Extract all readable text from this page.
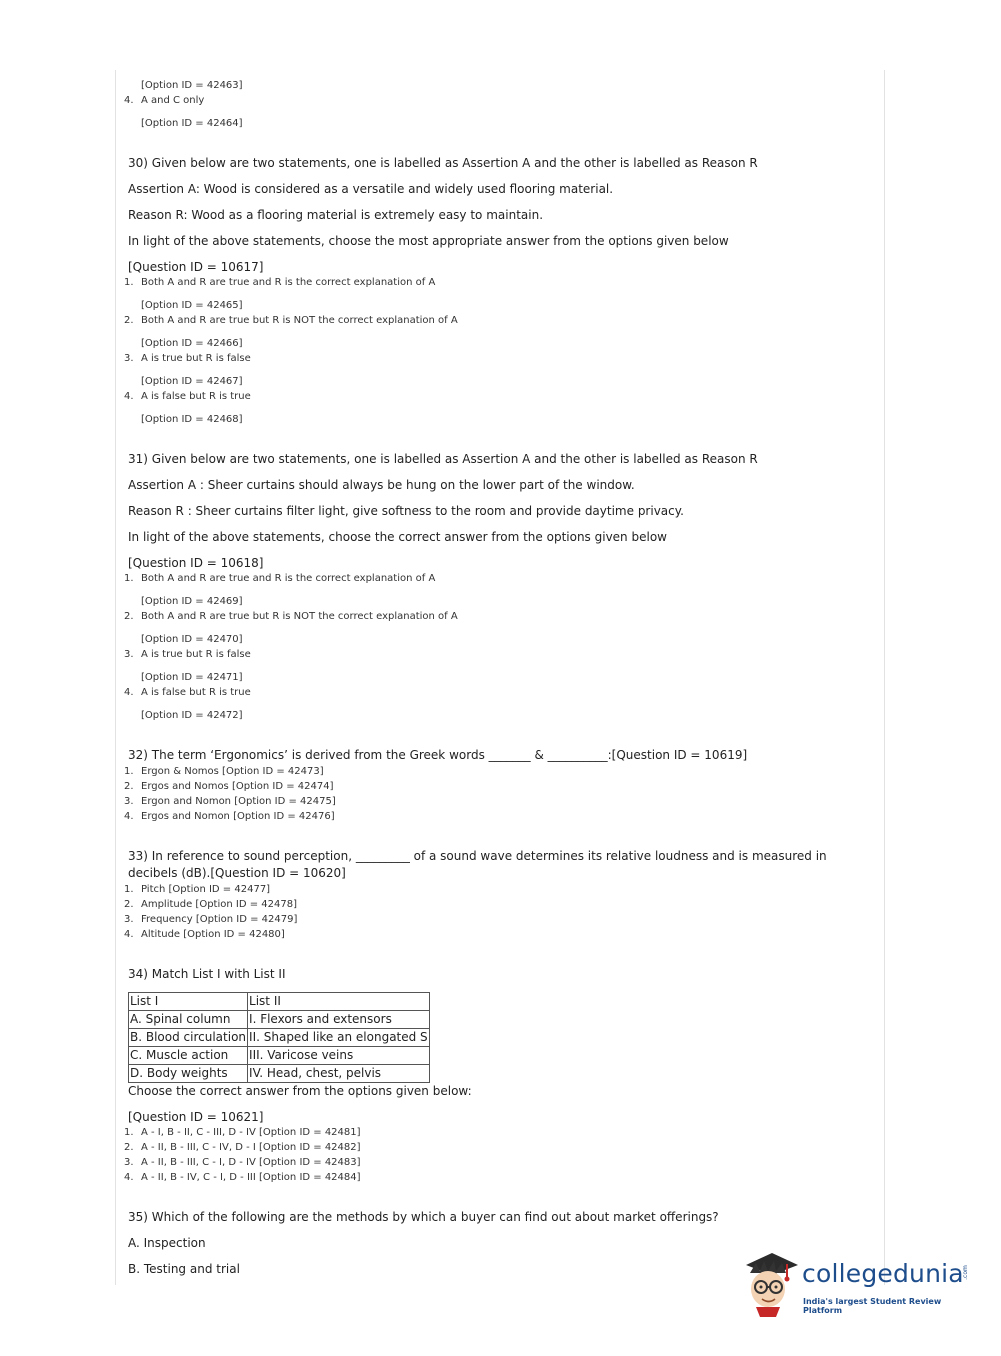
[Option ID = 42463]
4. A and C only
[Option ID = 42464]
30) Given below are two statements, one is labelled as Assertion A and the other is labelled as Reason R
Assertion A: Wood is considered as a versatile and widely used flooring material.
Reason R: Wood as a flooring material is extremely easy to maintain.
In light of the above statements, choose the most appropriate answer from the options given below
[Question ID = 10617]
1. Both A and R are true and R is the correct explanation of A
[Option ID = 42465]
2. Both A and R are true but R is NOT the correct explanation of A
[Option ID = 42466]
3. A is true but R is false
[Option ID = 42467]
4. A is false but R is true
[Option ID = 42468]
31) Given below are two statements, one is labelled as Assertion A and the other is labelled as Reason R
Assertion A : Sheer curtains should always be hung on the lower part of the window.
Reason R : Sheer curtains filter light, give softness to the room and provide daytime privacy.
In light of the above statements, choose the correct answer from the options given below
[Question ID = 10618]
1. Both A and R are true and R is the correct explanation of A
[Option ID = 42469]
2. Both A and R are true but R is NOT the correct explanation of A
[Option ID = 42470]
3. A is true but R is false
[Option ID = 42471]
4. A is false but R is true
[Option ID = 42472]
32) The term ‘Ergonomics’ is derived from the Greek words _______ & __________:[Question ID = 10619]
1. Ergon & Nomos [Option ID = 42473]
2. Ergos and Nomos [Option ID = 42474]
3. Ergon and Nomon [Option ID = 42475]
4. Ergos and Nomon [Option ID = 42476]
33) In reference to sound perception, _________ of a sound wave determines its relative loudness and is measured in
decibels (dB).[Question ID = 10620]
1. Pitch [Option ID = 42477]
2. Amplitude [Option ID = 42478]
3. Frequency [Option ID = 42479]
4. Altitude [Option ID = 42480]
34) Match List I with List II
List I	List II
A. Spinal column	I. Flexors and extensors
B. Blood circulation	II. Shaped like an elongated S
C. Muscle action	III. Varicose veins
D. Body weights	IV. Head, chest, pelvis
Choose the correct answer from the options given below:
[Question ID = 10621]
1. A - I, B - II, C - III, D - IV [Option ID = 42481]
2. A - II, B - III, C - IV, D - I [Option ID = 42482]
3. A - II, B - III, C - I, D - IV [Option ID = 42483]
4. A - II, B - IV, C - I, D - III [Option ID = 42484]
35) Which of the following are the methods by which a buyer can find out about market offerings?
A. Inspection
B. Testing and trial	collegedunia
.com
India's largest Student Review Platform
